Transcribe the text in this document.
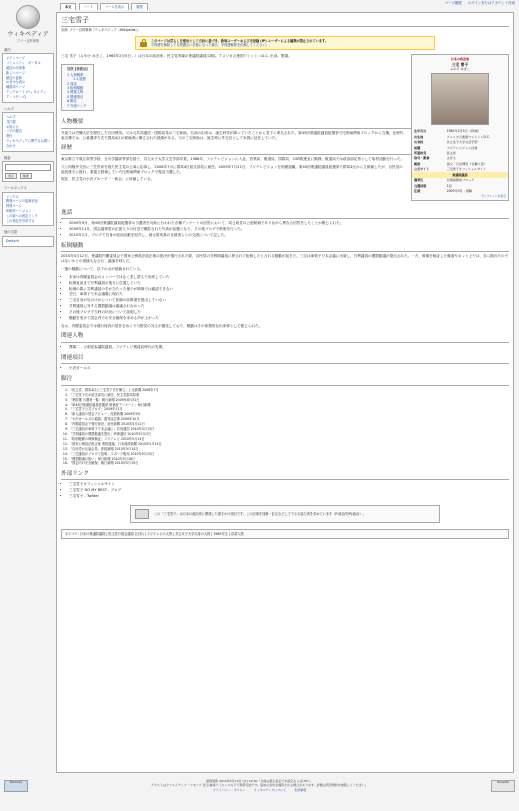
ページ履歴 ログインまたはアカウント作成
本文	ノート	ソースを表示	履歴
ウィキペディア
フリー百科事典
案内
メインページ
コミュニティ・ポータル
最近の出来事
新しいページ
最近の更新
おまかせ表示
練習用ページ
アップロード (ウィキメディア・コモンズ)
ヘルプ
ヘルプ
井戸端
お知らせ
バグの報告
寄付
ウィキペディアに関するお問い合わせ
検索
表示	検索
ツールボックス
リンク元
関連ページの更新状況
特別ページ
印刷用バージョン
この版への固定リンク
この項目を引用する
他の言語
Deutsch
三宅雪子
出典: フリー百科事典『ウィキペディア（Wikipedia）』
このページは荒らしを理由として方針に基づき、新規ユーザーおよび未登録 (IP) ユーザーによる編集が禁止されています。
半保護を解除しても問題ない状態になった場合、半保護解除を依頼してください。
日本の政治家
三宅 雪子
みやけ ゆきこ
生年月日	1965年2月5日（45歳）
出生地	アメリカ合衆国ワシントンD.C.
出身校	共立女子大学文芸学部
前職	フジテレビジョン社員
所属政党	民主党
称号・勲章	文学士
親族	祖父・石田博英（労働大臣）
公式サイト	三宅雪子オフィシャルサイト
衆議院議員
選挙区	比例南関東ブロック
当選回数	1回
任期	2009年9月 - 現職
テンプレートを表示

三宅 雪子（みやけ ゆきこ、1965年2月5日 - ）は日本の政治家。民主党所属の衆議院議員(1期)。アメリカ合衆国ワシントンD.C. 出身。既婚。

目次 [非表示]
1 人物概要
1.1 経歴
2 逸話
3 転倒騒動
4 関連人物
5 関連項目
6 脚注
7 外部リンク
人物概要

外祖父は労働大臣を歴任した石田博英。父は元共同通信・国際局長の三宅和助。名前の由来は、誕生時雪が降っていたことから雪子と命名された。第45回衆議院議員総選挙で比例南関東ブロックから当選。比例代表名簿では、公募選挙方式で群馬4区の候補者に擁立された経緯がある。父の三宅和助は、誕生時に外交官として米国に赴任していた。

経歴

東京都立千歳丘高等学校、玉川学園高等部を経て、共立女子大学文芸学部卒業。1988年、フジテレビジョンに入社。営業局、報道局、国際局、CSR推進室に勤務。報道局では政治部記者として取材活動を行った。

父と同様外交官に三笠宮家を経た民主党の公募に応募し、2008年7月に群馬4区総支部長に就任。2009年7月21日、フジテレビジョンを依願退職。第45回衆議院議員総選挙で群馬4区から立候補したが、自民党の福田康夫に敗れ、重複立候補していた比例南関東ブロックで復活当選した。

現在、民主党の小沢グループ「一新会」に所属している。

逸話
• 2009年9月、第45回衆議院議員総選挙の当選者を対象に行われた各種アンケートの回答において、同じ政党の公認候補でありながら異なる回答をしたことが報じられた。
• 2009年11月、国会議事堂の正面入り口付近で撮影された写真が話題となり、その後ブログで釈明を行った。
• 2010年1月、ブログで自身の政治活動を紹介し、地元群馬県の支援者らとの交流について記した。
転倒騒動

2010年5月12日、衆議院内閣委員会で国家公務員法改正案の採決が強行された際、自民党の甘利明議員に押されて転倒したとされる騒動が起きた。三宅は車椅子で本会議に出席し、甘利議員の懲罰動議が提出された。一方、映像を検証した報道やネット上では、自ら倒れたのではないかとの指摘もなされ、議論を呼んだ。

一連の騒動について、以下の点が指摘されている。

• 本来は内閣委員会のメンバーではなく差し替えで出席していた
• 転倒直前まで甘利議員の後方に位置していた
• 転倒の際に甘利議員の手が当たった様子が映像では確認できない
• 翌日、車椅子で本会議場に現れた
• 三宅自身が足のけがについて医師の診断書を提出していない
• 甘利議員に対する懲罰動議は審議されなかった
• その後ブログで当時の状況について説明した
• 騒動を受けて国会内での安全確保を求める声が上がった

なお、内閣委員会では強行採決の是非をめぐり与野党の対立が激化しており、騒動はその象徴的な出来事として報じられた。

関連人物
• 澤雄二 - 公明党参議院議員。フジテレビ報道局時代の先輩。
関連項目
• 小沢ガールズ
脚注
1. 「民主党、群馬4区に三宅雪子氏を擁立」上毛新聞 2008年7月
2. 「三宅雪子氏が総支部長に就任」民主党群馬県連
3. 「衆院選 当選者一覧」朝日新聞 2009年8月31日
4. 「第45回衆議院議員総選挙 候補者アンケート」毎日新聞
5. 「三宅雪子公式ブログ」2009年11月
6. 「新人議員の国会デビュー」産経新聞 2009年9月
7. 「小沢ガールズの素顔」週刊誌記事 2009年10月
8. 「内閣委員会で強行採決」読売新聞 2010年5月12日
9. 「三宅議員が車椅子で本会議に」共同通信 2010年5月13日
10. 「甘利議員の懲罰動議を提出」時事通信 2010年5月13日
11. 「転倒騒動の映像検証」フジテレビ 2010年5月14日
12. 「国家公務員法改正案 衆院通過」日本経済新聞 2010年5月14日
13. 「自民党が反論会見」産経新聞 2010年5月14日
14. 「三宅議員がブログで説明」スポーツ報知 2010年5月15日
15. 「懲罰動議の扱い」毎日新聞 2010年5月18日
16. 「国会内の安全確保」朝日新聞 2010年5月19日
外部リンク
• 三宅雪子オフィシャルサイト
• 三宅雪子 DO MY BEST - ブログ
• 三宅雪子 - Twitter
この「三宅雪子」は日本の政治家に関連した書きかけ項目です。この記事を加筆・訂正などして下さる協力者を求めています（P:政治学/PJ:政治）。
カテゴリ: 日本の衆議院議員 | 民主党の国会議員 (日本) | フジテレビの人物 | 共立女子大学出身の人物 | 1965年生 | 存命人物
Wikimedia	最終更新 2010年5月19日 (水) 19:00（日時は個人設定で未設定ならばUTC）。
テキストはクリエイティブ・コモンズ 表示-継承ライセンスの下で利用可能です。追加の条件が適用される場合があります。詳細は利用規約を参照してください。
プライバシー・ポリシー	ウィキペディアについて	免責事項
MediaWiki
